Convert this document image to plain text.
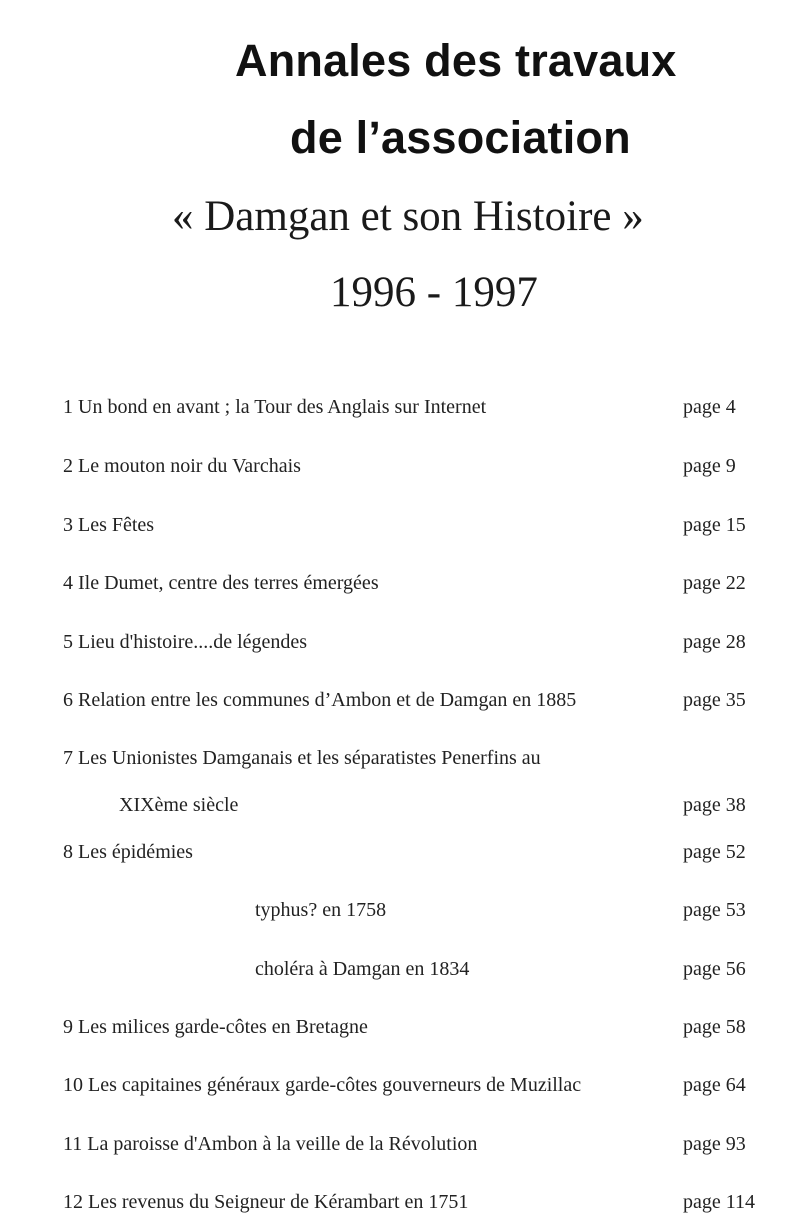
Annales des travaux
de l’association
« Damgan et son Histoire »
1996 - 1997
1 Un bond en avant ; la Tour des Anglais sur Internet	page 4
2 Le mouton noir du Varchais	page 9
3 Les Fêtes	page 15
4 Ile Dumet, centre des terres émergées	page 22
5 Lieu d'histoire....de légendes	page 28
6 Relation entre les communes d’Ambon et de Damgan en 1885	page 35
7 Les Unionistes Damganais et les séparatistes Penerfins au
XIXème siècle	page 38
8 Les épidémies	page 52
typhus? en 1758	page 53
choléra à Damgan en 1834	page 56
9 Les milices garde-côtes en Bretagne	page 58
10 Les capitaines généraux garde-côtes gouverneurs de Muzillac	page 64
11 La paroisse d'Ambon à la veille de la Révolution	page 93
12 Les revenus du Seigneur de Kérambart en 1751	page 114
